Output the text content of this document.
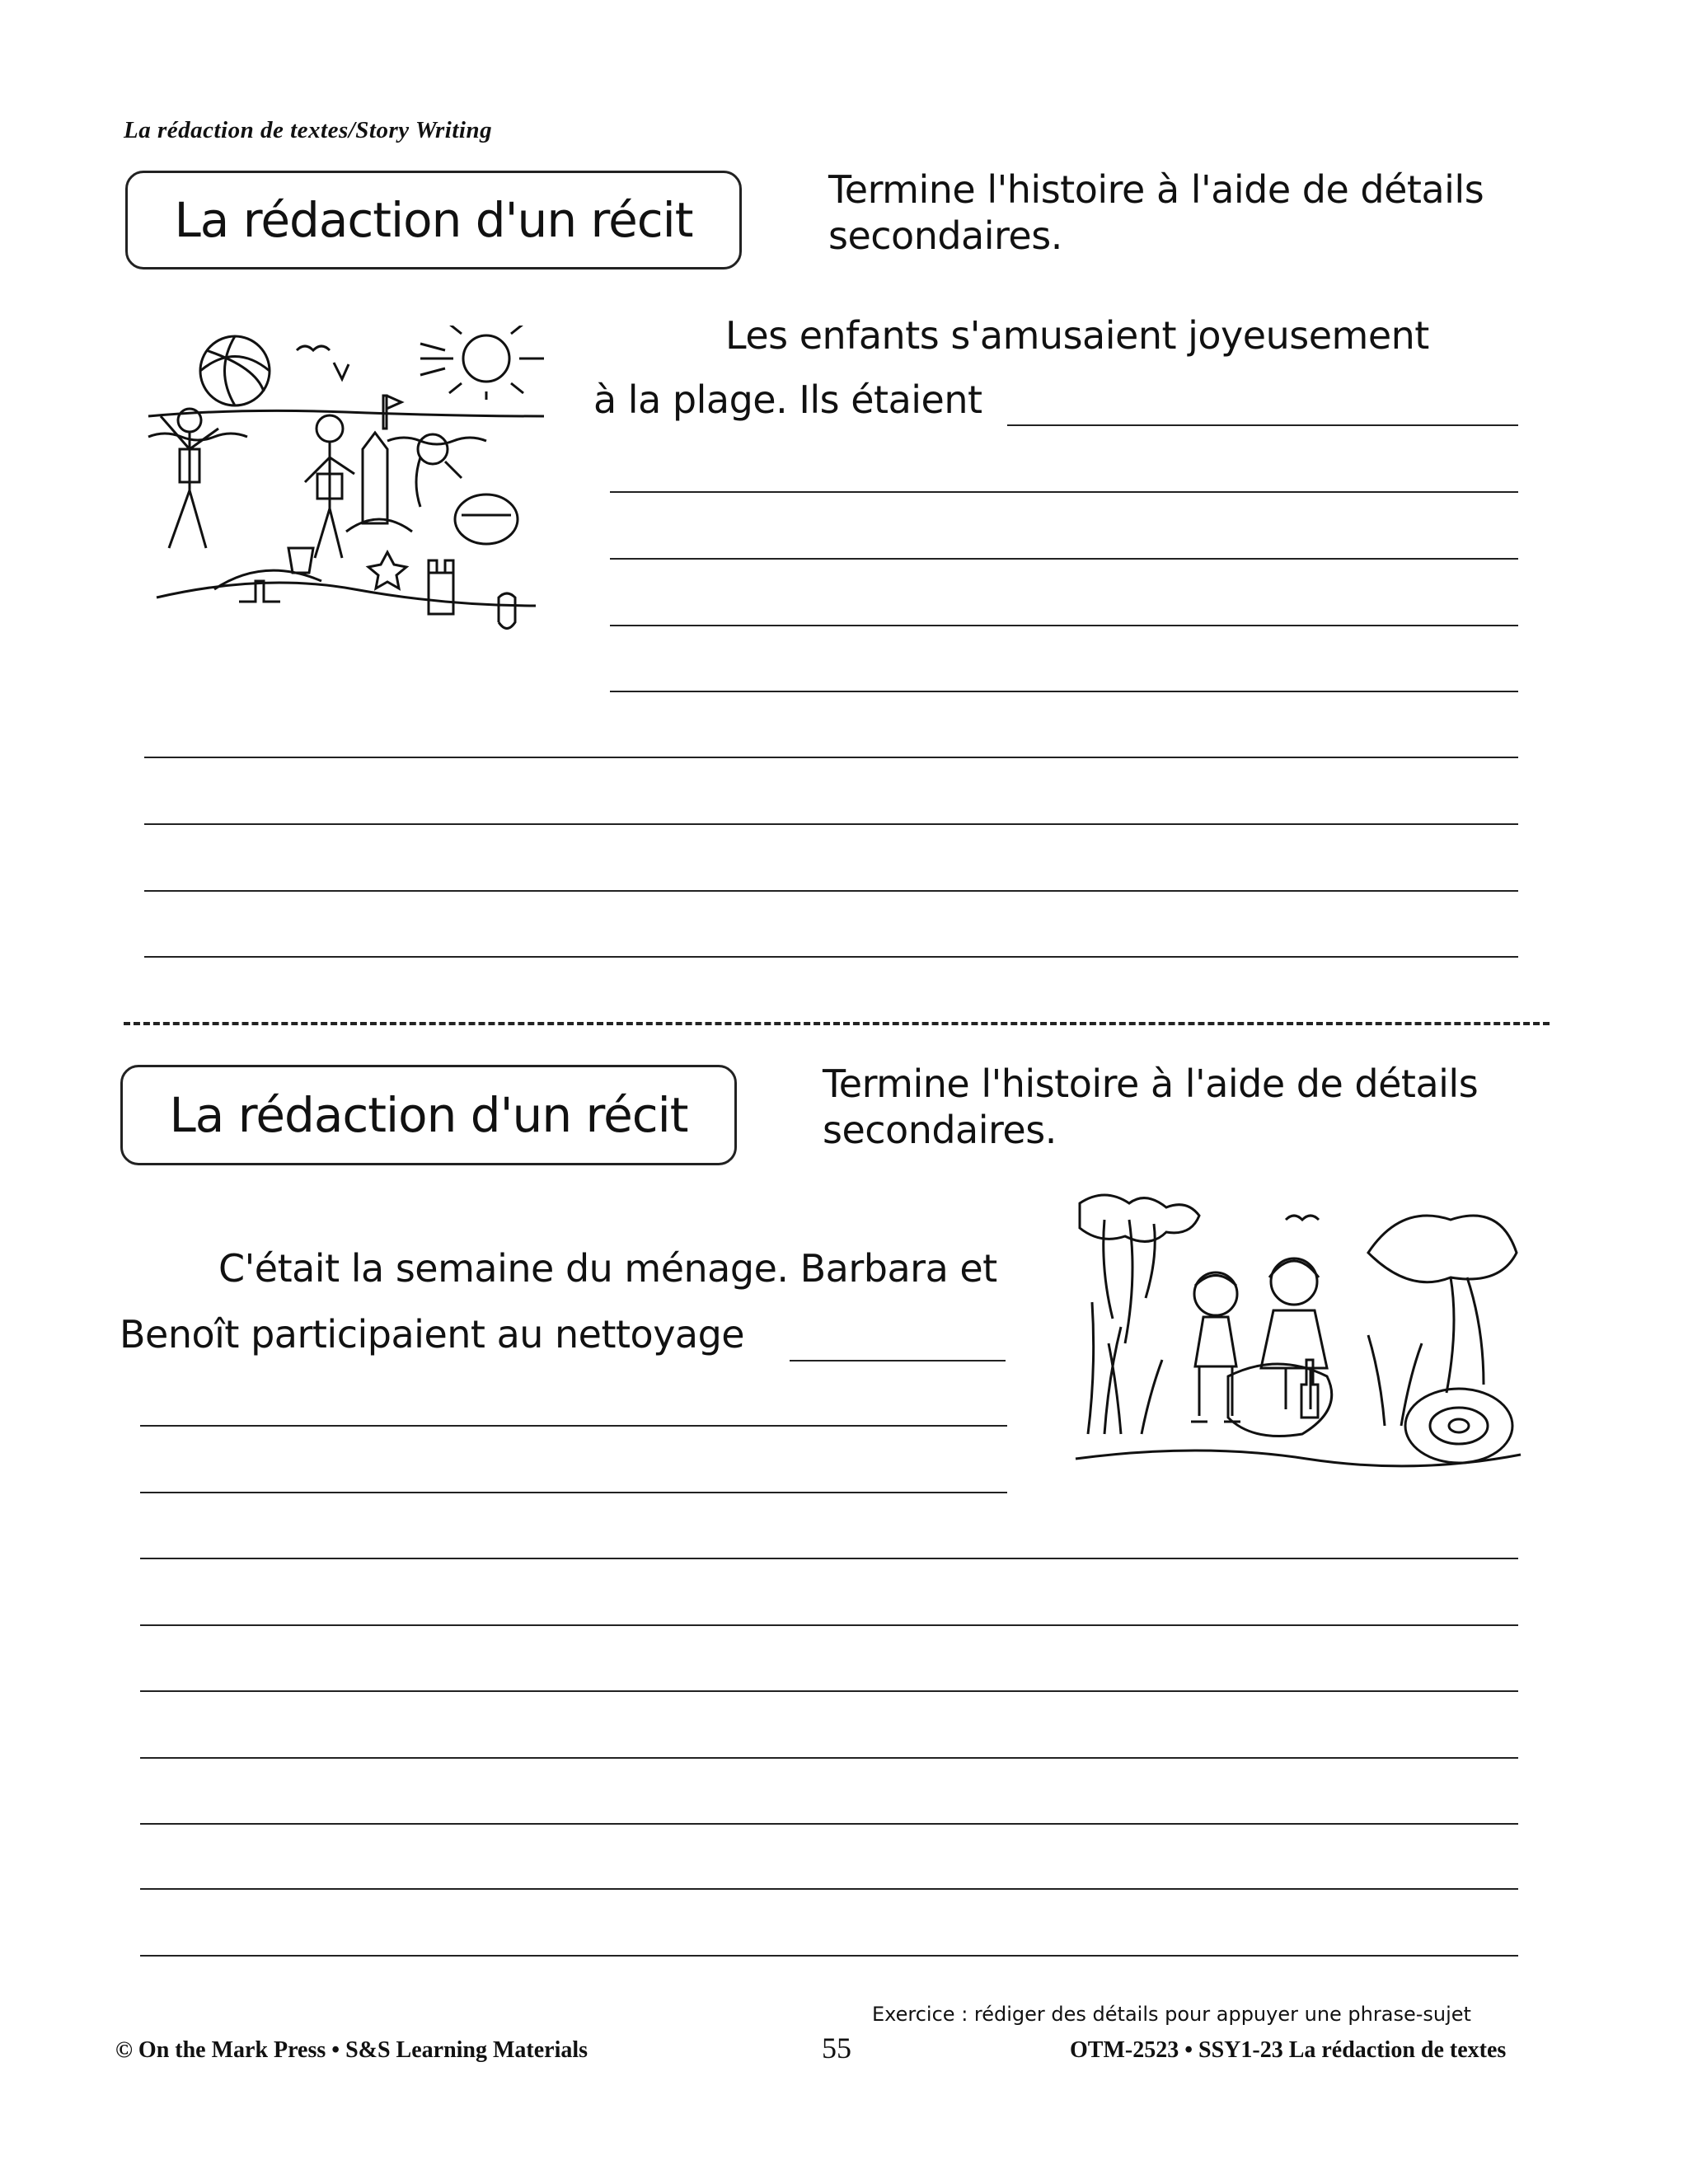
La rédaction de textes/Story Writing
La rédaction d'un récit
Termine l'histoire à l'aide de détails secondaires.
Les enfants s'amusaient joyeusement
à la plage. Ils étaient
La rédaction d'un récit
Termine l'histoire à l'aide de détails secondaires.
C'était la semaine du ménage. Barbara et
Benoît participaient au nettoyage
Exercice : rédiger des détails pour appuyer une phrase-sujet
© On the Mark Press • S&S Learning Materials	55	OTM-2523 • SSY1-23 La rédaction de textes
